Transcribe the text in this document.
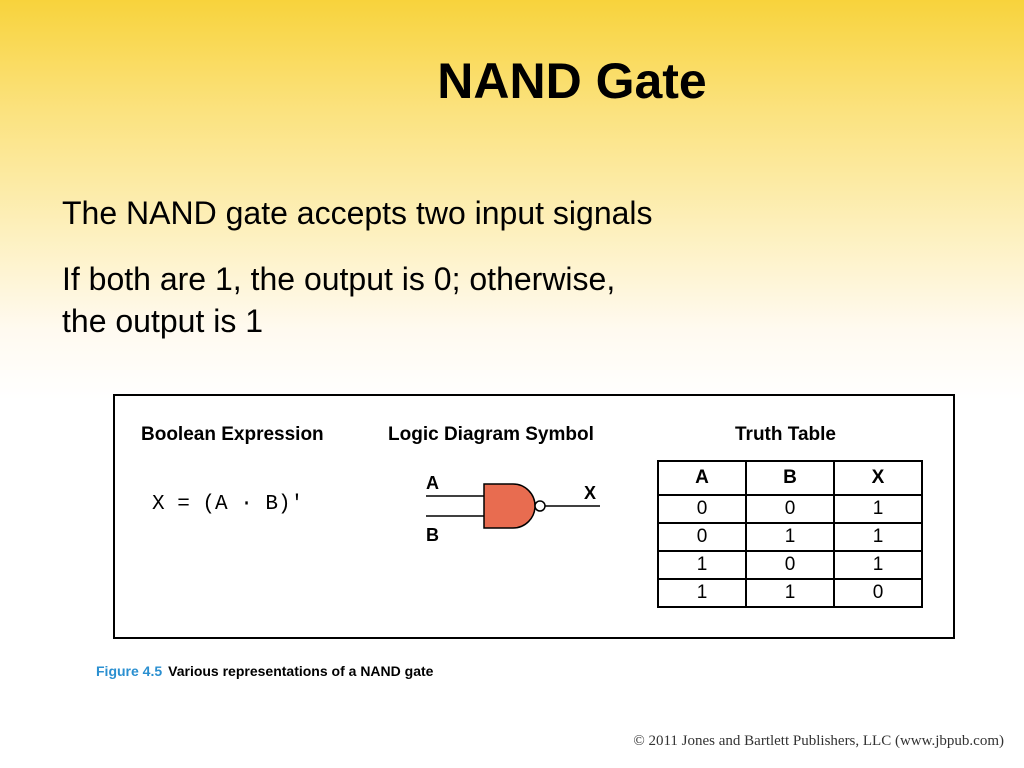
NAND Gate
The NAND gate accepts two input signals
If both are 1, the output is 0; otherwise,
the output is 1
Boolean Expression	Logic Diagram Symbol	Truth Table
X = (A · B)'
A
B
X
A	B	X
0	0	1
0	1	1
1	0	1
1	1	0
Figure 4.5 Various representations of a NAND gate
© 2011 Jones and Bartlett Publishers, LLC (www.jbpub.com)
